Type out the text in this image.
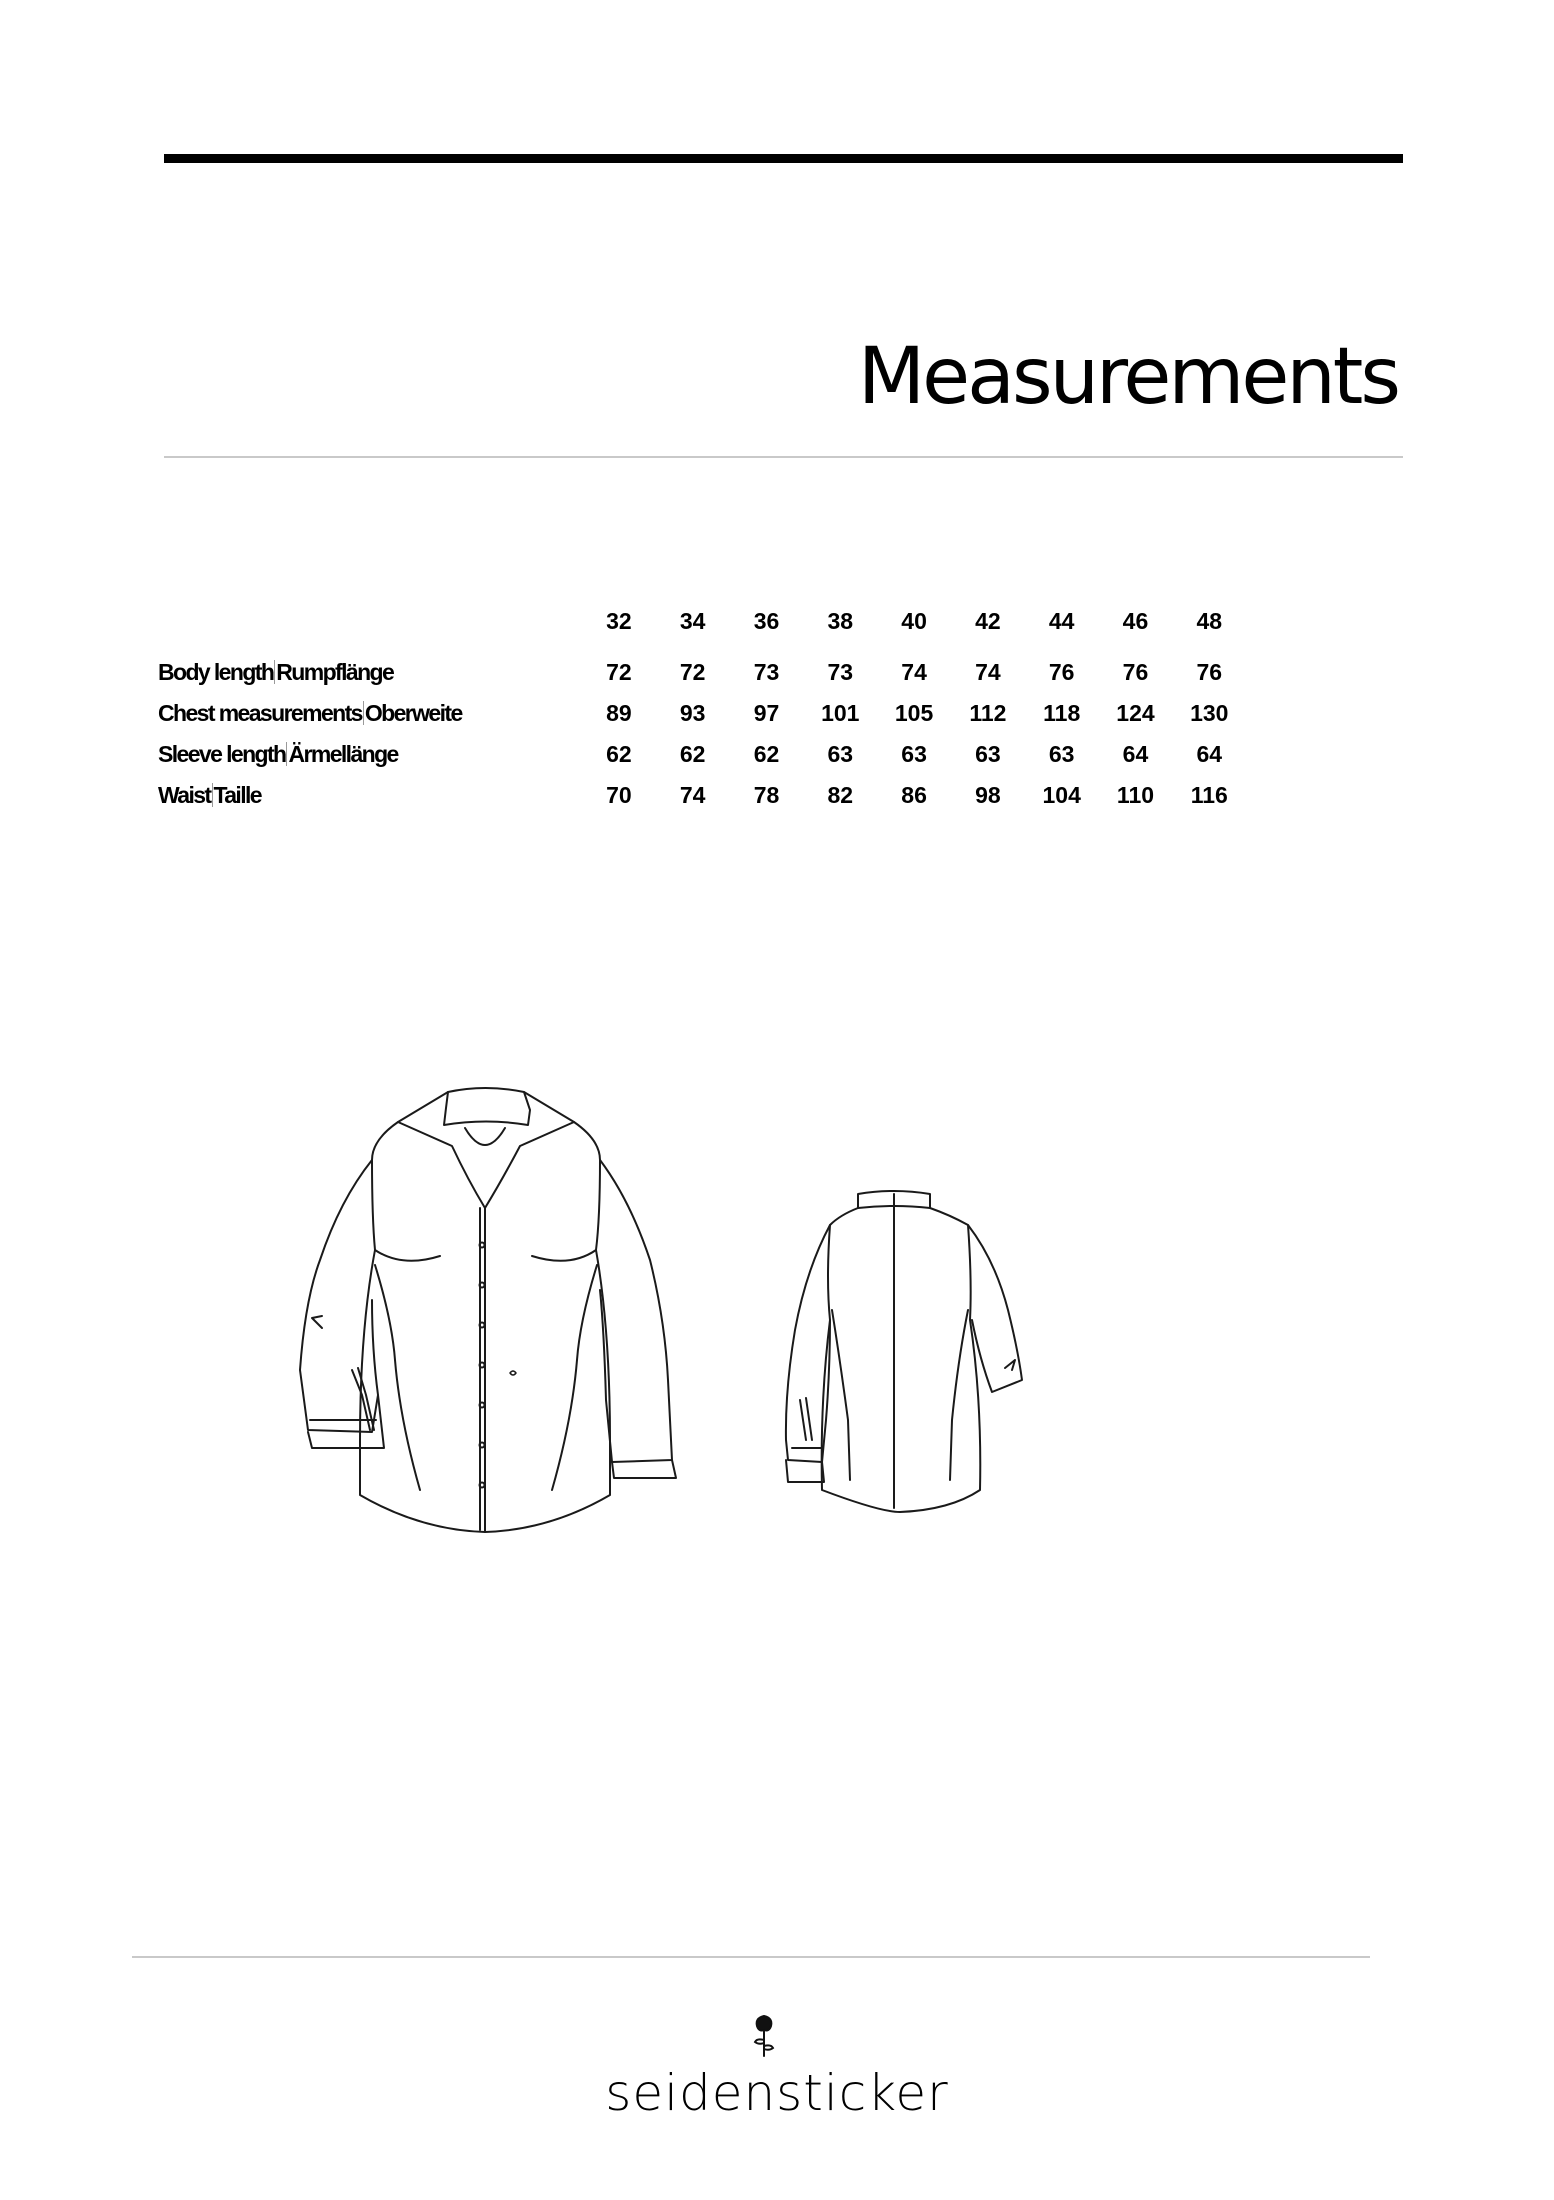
Measurements
	32	34	36	38	40	42	44	46	48
Body length Rumpflänge	72	72	73	73	74	74	76	76	76
Chest measurements Oberweite	89	93	97	101	105	112	118	124	130
Sleeve length Ärmellänge	62	62	62	63	63	63	63	64	64
Waist Taille	70	74	78	82	86	98	104	110	116

seidensticker
